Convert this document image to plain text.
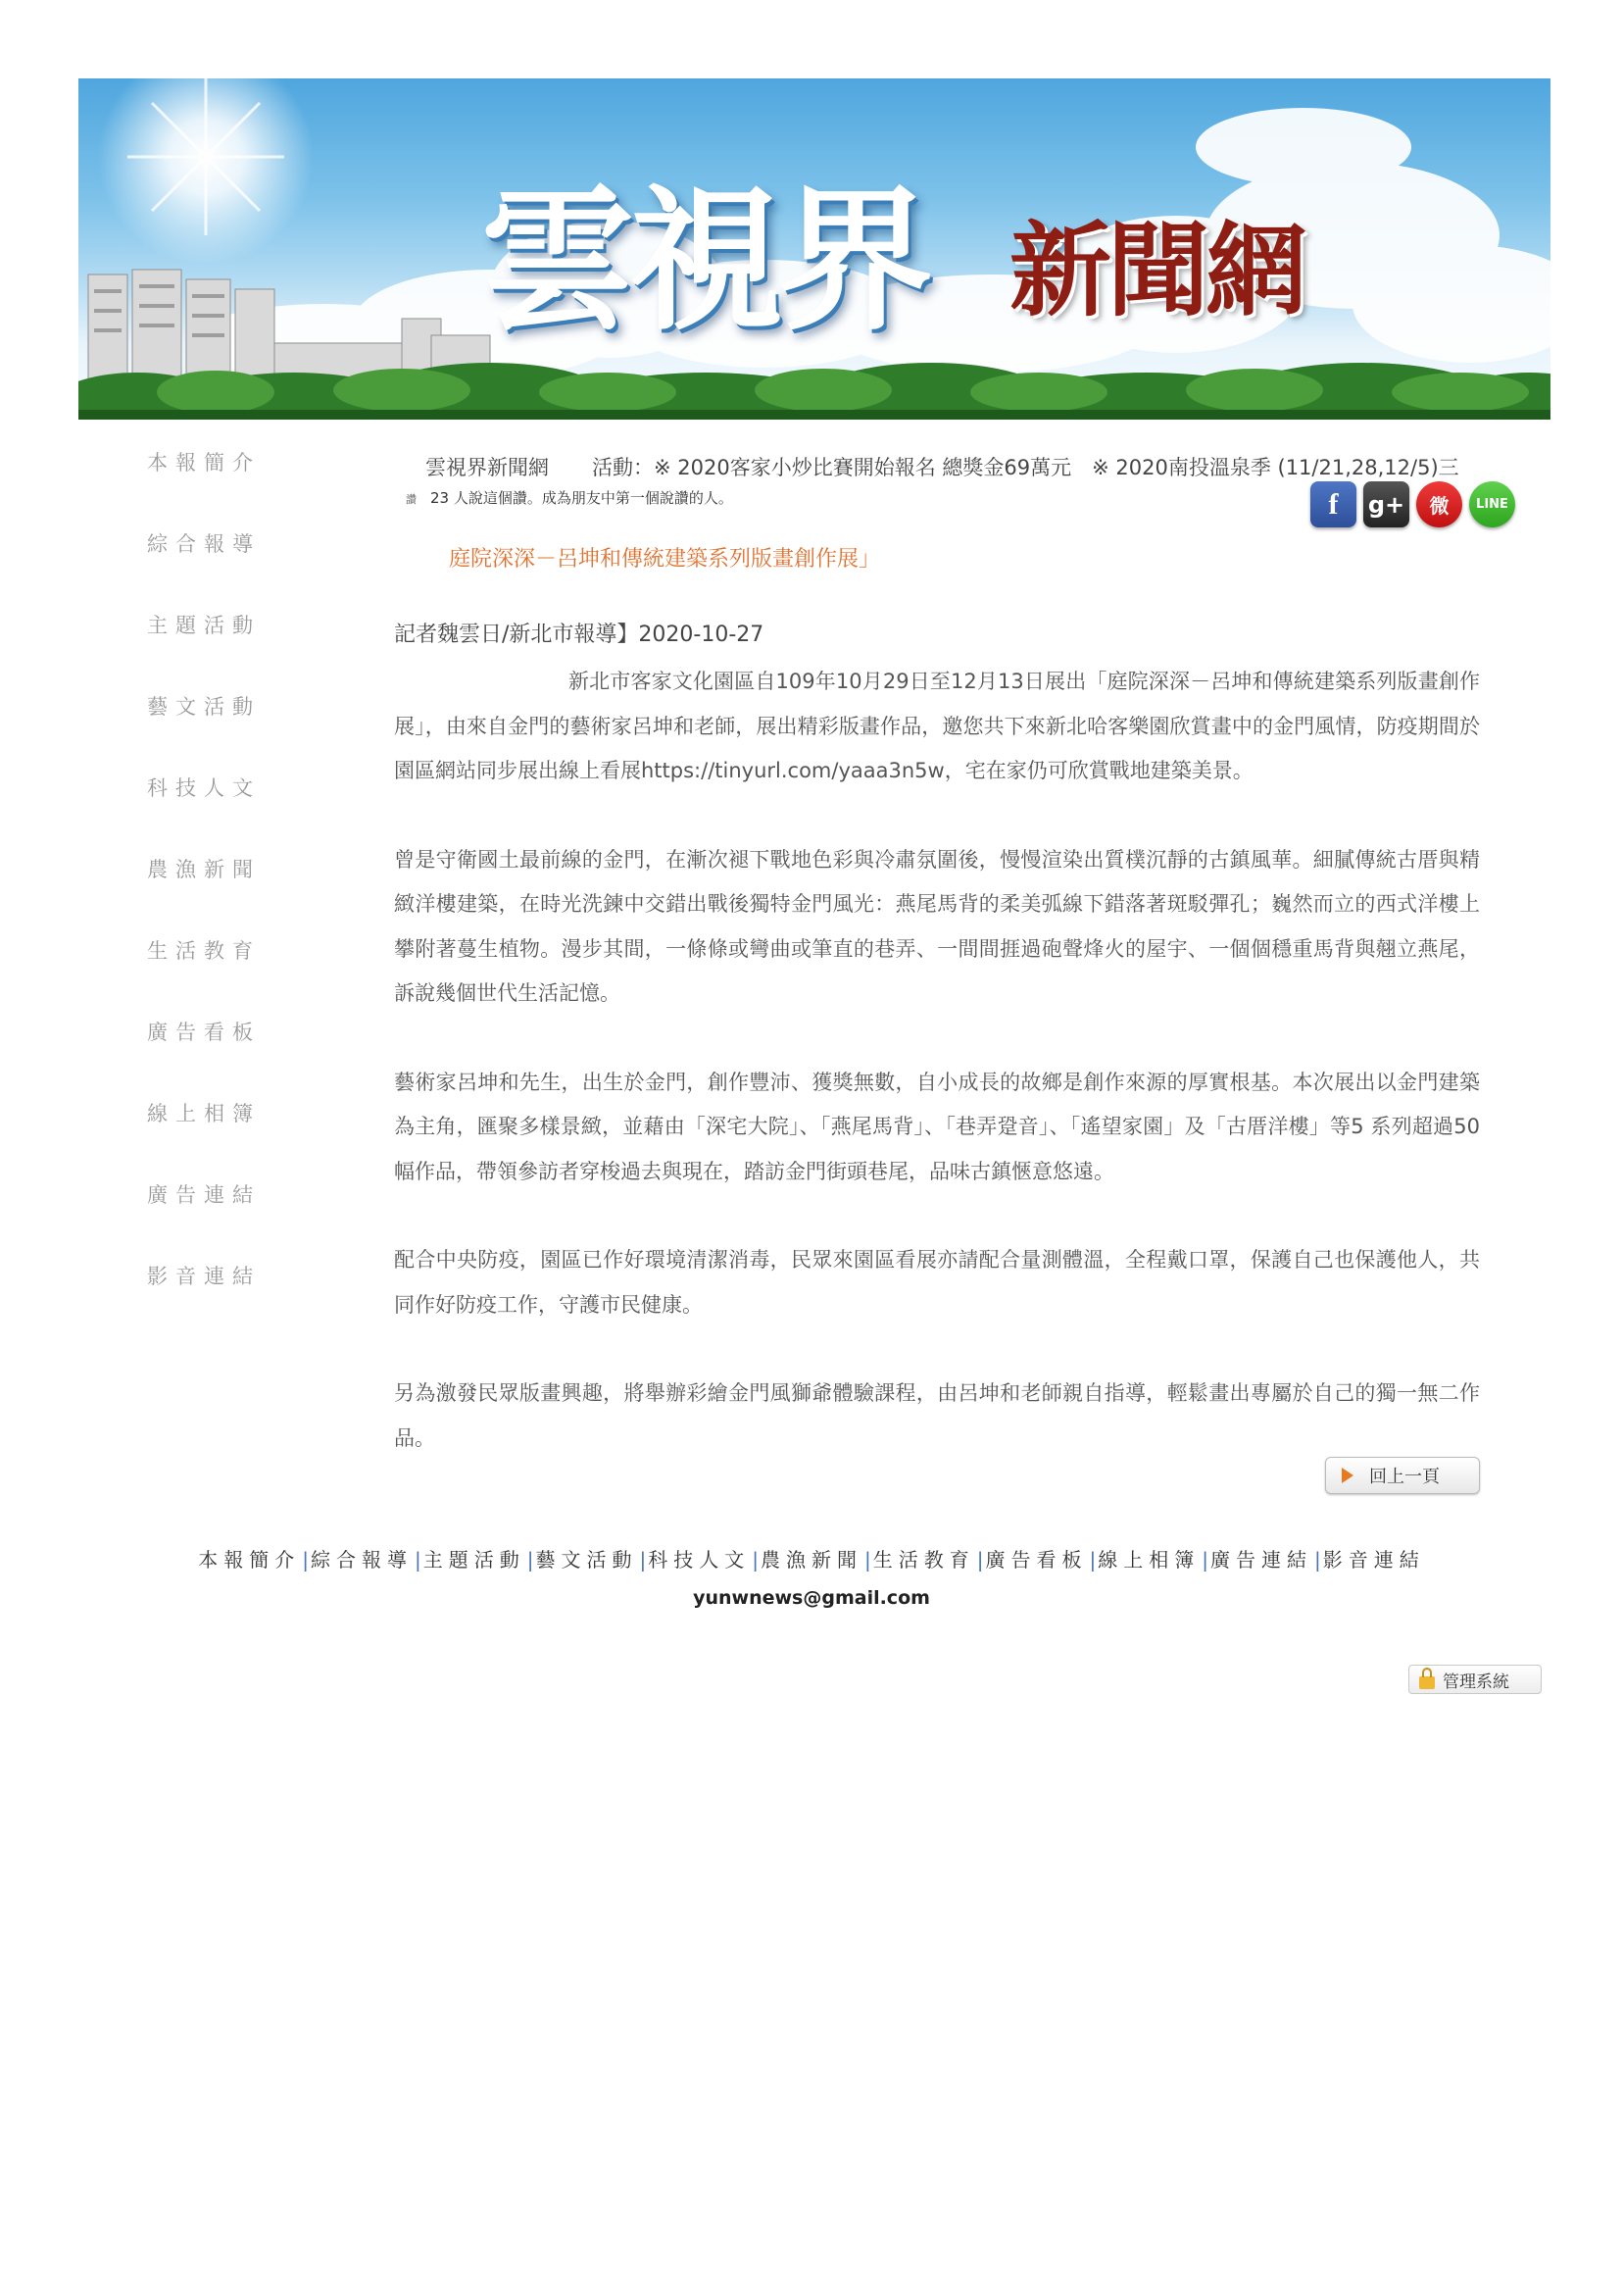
雲視界 新聞網
本報簡介
綜合報導
主題活動
藝文活動
科技人文
農漁新聞
生活教育
廣告看板
線上相簿
廣告連結
影音連結
雲視界新聞網 活動：※ 2020客家小炒比賽開始報名 總獎金69萬元　※ 2020南投溫泉季 (11/21,28,12/5)三
讚 23 人說這個讚。成為朋友中第一個說讚的人。	f	g+	微	LINE
庭院深深－呂坤和傳統建築系列版畫創作展」
記者魏雲日/新北市報導】2020-10-27

新北市客家文化園區自109年10月29日至12月13日展出「庭院深深－呂坤和傳統建築系列版畫創作展」，由來自金門的藝術家呂坤和老師，展出精彩版畫作品，邀您共下來新北哈客樂園欣賞畫中的金門風情，防疫期間於園區網站同步展出線上看展https://tinyurl.com/yaaa3n5w，宅在家仍可欣賞戰地建築美景。

曾是守衛國土最前線的金門，在漸次褪下戰地色彩與冷肅氛圍後，慢慢渲染出質樸沉靜的古鎮風華。細膩傳統古厝與精緻洋樓建築，在時光洗鍊中交錯出戰後獨特金門風光：燕尾馬背的柔美弧線下錯落著斑駁彈孔；巍然而立的西式洋樓上攀附著蔓生植物。漫步其間，一條條或彎曲或筆直的巷弄、一間間捱過砲聲烽火的屋宇、一個個穩重馬背與翹立燕尾，訴說幾個世代生活記憶。

藝術家呂坤和先生，出生於金門，創作豐沛、獲獎無數，自小成長的故鄉是創作來源的厚實根基。本次展出以金門建築為主角，匯聚多樣景緻，並藉由「深宅大院」、「燕尾馬背」、「巷弄跫音」、「遙望家園」及「古厝洋樓」等5 系列超過50幅作品，帶領參訪者穿梭過去與現在，踏訪金門街頭巷尾，品味古鎮愜意悠遠。

配合中央防疫，園區已作好環境清潔消毒，民眾來園區看展亦請配合量測體溫，全程戴口罩，保護自己也保護他人，共同作好防疫工作，守護市民健康。

另為激發民眾版畫興趣，將舉辦彩繪金門風獅爺體驗課程，由呂坤和老師親自指導，輕鬆畫出專屬於自己的獨一無二作品。

回上一頁
本報簡介 | 綜合報導 | 主題活動 | 藝文活動 | 科技人文 | 農漁新聞 | 生活教育 | 廣告看板 | 線上相簿 | 廣告連結 | 影音連結
yunwnews@gmail.com
管理系統
